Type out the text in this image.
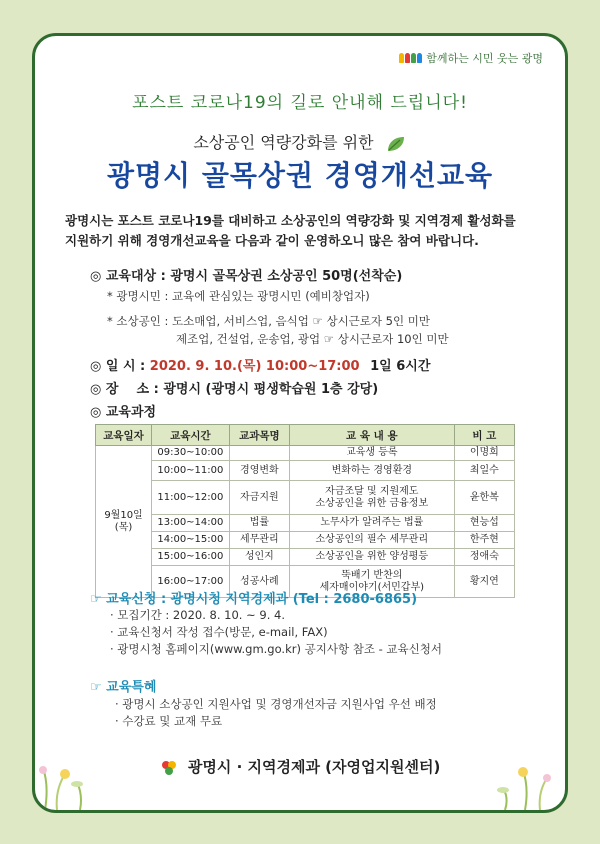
함께하는 시민 웃는 광명
포스트 코로나19의 길로 안내해 드립니다!
소상공인 역량강화를 위한
광명시 골목상권 경영개선교육
광명시는 포스트 코로나19를 대비하고 소상공인의 역량강화 및 지역경제 활성화를
지원하기 위해 경영개선교육을 다음과 같이 운영하오니 많은 참여 바랍니다.
◎ 교육대상 : 광명시 골목상권 소상공인 50명(선착순)
* 광명시민 : 교육에 관심있는 광명시민 (예비창업자)
* 소상공인 : 도소매업, 서비스업, 음식업 ☞ 상시근로자 5인 미만
제조업, 건설업, 운송업, 광업 ☞ 상시근로자 10인 미만
◎ 일 시 : 2020. 9. 10.(목) 10:00~17:00 1일 6시간
◎ 장    소 : 광명시 (광명시 평생학습원 1층 강당)
◎ 교육과정
교육일자	교육시간	교과목명	교 육 내 용	비 고

9월10일
(목)	09:30~10:00		교육생 등록	이명희
	10:00~11:00	경영변화	변화하는 경영환경	최일수
	11:00~12:00	자금지원	자금조달 및 지원제도
소상공인을 위한 금융정보	윤한복
	13:00~14:00	법률	노무사가 알려주는 법률	현능섭
	14:00~15:00	세무관리	소상공인의 필수 세무관리	한주현
	15:00~16:00	성인지	소상공인을 위한 양성평등	정애숙
	16:00~17:00	성공사례	뚝배기 반찬의
세자매이야기(서민갑부)	황지연
☞ 교육신청 : 광명시청 지역경제과 (Tel : 2680-6865)
· 모집기간 : 2020. 8. 10. ~ 9. 4.
· 교육신청서 작성 접수(방문, e-mail, FAX)
· 광명시청 홈페이지(www.gm.go.kr) 공지사항 참조 - 교육신청서
☞ 교육특혜
· 광명시 소상공인 지원사업 및 경영개선자금 지원사업 우선 배정
· 수강료 및 교재 무료
광명시 · 지역경제과 (자영업지원센터)
